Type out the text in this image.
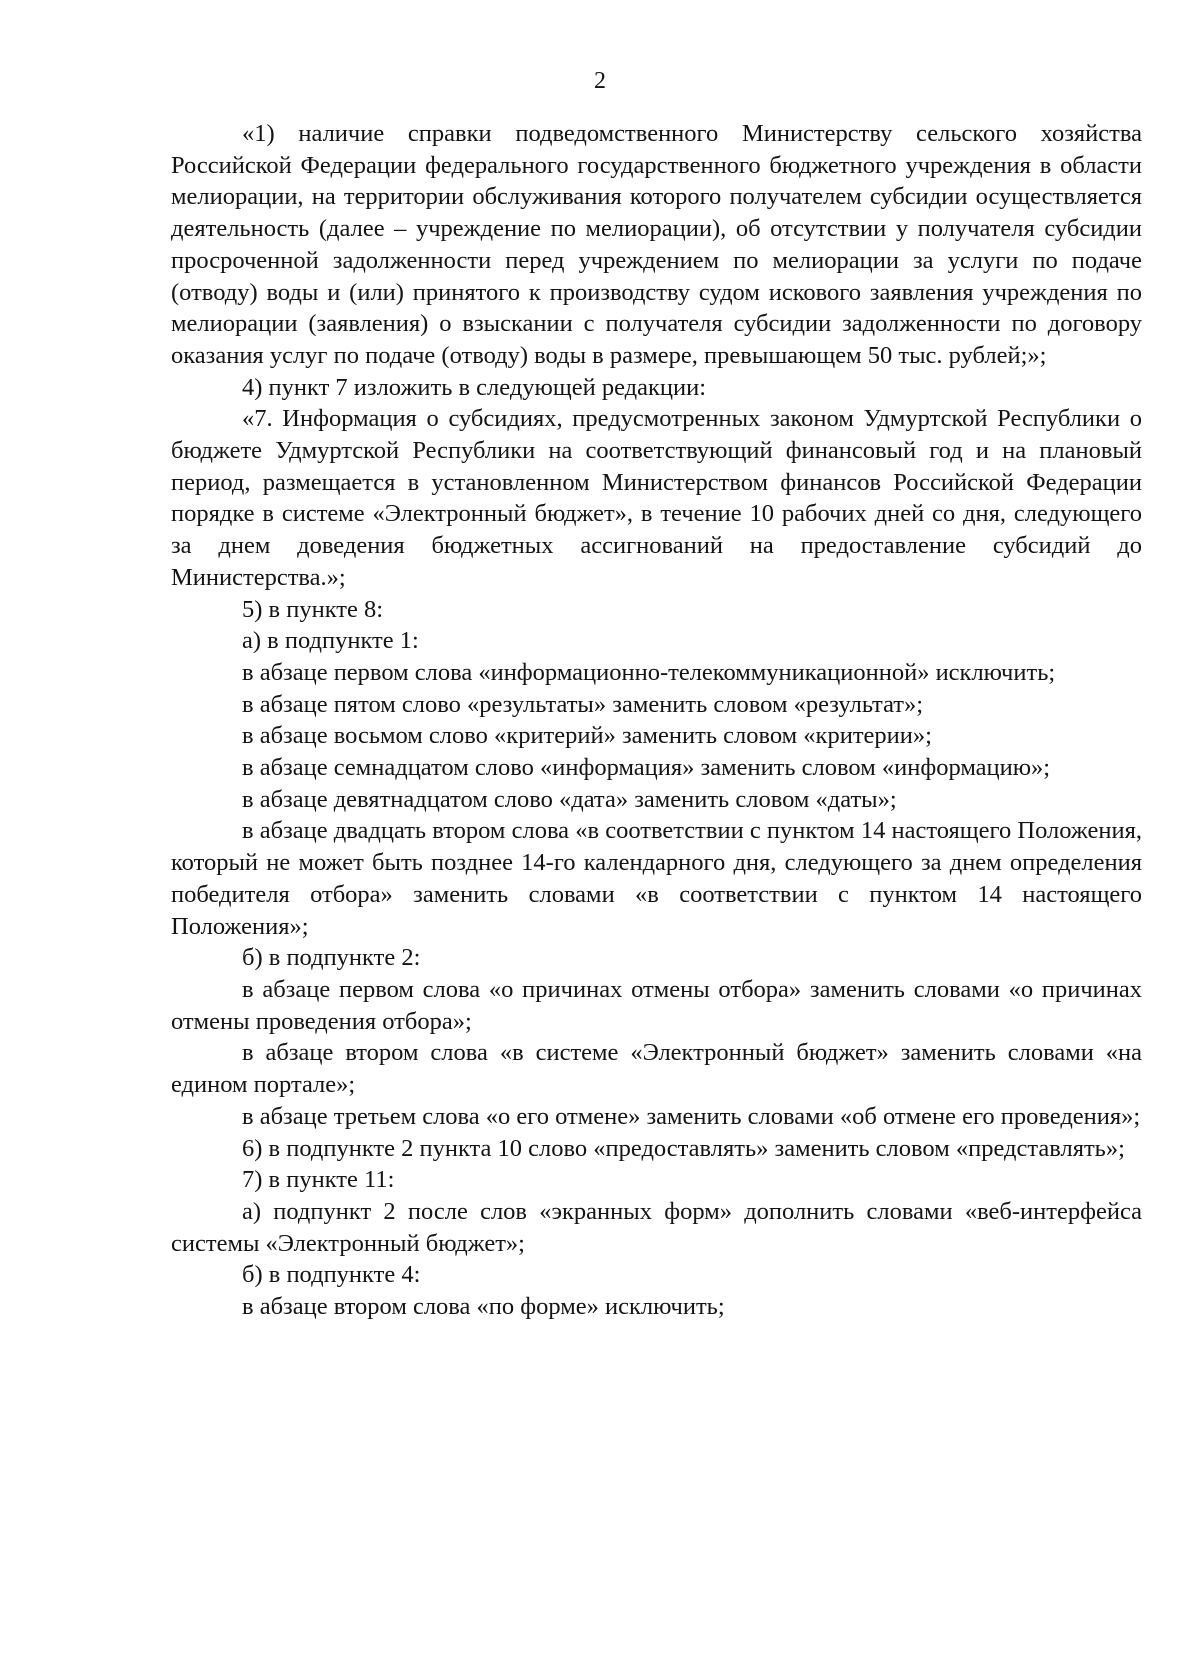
2

«1) наличие справки подведомственного Министерству сельского хозяйства Российской Федерации федерального государственного бюджетного учреждения в области мелиорации, на территории обслуживания которого получателем субсидии осуществляется деятельность (далее – учреждение по мелиорации), об отсутствии у получателя субсидии просроченной задолженности перед учреждением по мелиорации за услуги по подаче (отводу) воды и (или) принятого к производству судом искового заявления учреждения по мелиорации (заявления) о взыскании с получателя субсидии задолженности по договору оказания услуг по подаче (отводу) воды в размере, превышающем 50 тыс. рублей;»;

4) пункт 7 изложить в следующей редакции:

«7. Информация о субсидиях, предусмотренных законом Удмуртской Республики о бюджете Удмуртской Республики на соответствующий финансовый год и на плановый период, размещается в установленном Министерством финансов Российской Федерации порядке в системе «Электронный бюджет», в течение 10 рабочих дней со дня, следующего за днем доведения бюджетных ассигнований на предоставление субсидий до Министерства.»;

5) в пункте 8:

а) в подпункте 1:

в абзаце первом слова «информационно-телекоммуникационной» исключить;

в абзаце пятом слово «результаты» заменить словом «результат»;

в абзаце восьмом слово «критерий» заменить словом «критерии»;

в абзаце семнадцатом слово «информация» заменить словом «информацию»;

в абзаце девятнадцатом слово «дата» заменить словом «даты»;

в абзаце двадцать втором слова «в соответствии с пунктом 14 настоящего Положения, который не может быть позднее 14-го календарного дня, следующего за днем определения победителя отбора» заменить словами «в соответствии с пунктом 14 настоящего Положения»;

б) в подпункте 2:

в абзаце первом слова «о причинах отмены отбора» заменить словами «о причинах отмены проведения отбора»;

в абзаце втором слова «в системе «Электронный бюджет» заменить словами «на едином портале»;

в абзаце третьем слова «о его отмене» заменить словами «об отмене его проведения»;

6) в подпункте 2 пункта 10 слово «предоставлять» заменить словом «представлять»;

7) в пункте 11:

а) подпункт 2 после слов «экранных форм» дополнить словами «веб-интерфейса системы «Электронный бюджет»;

б) в подпункте 4:

в абзаце втором слова «по форме» исключить;
